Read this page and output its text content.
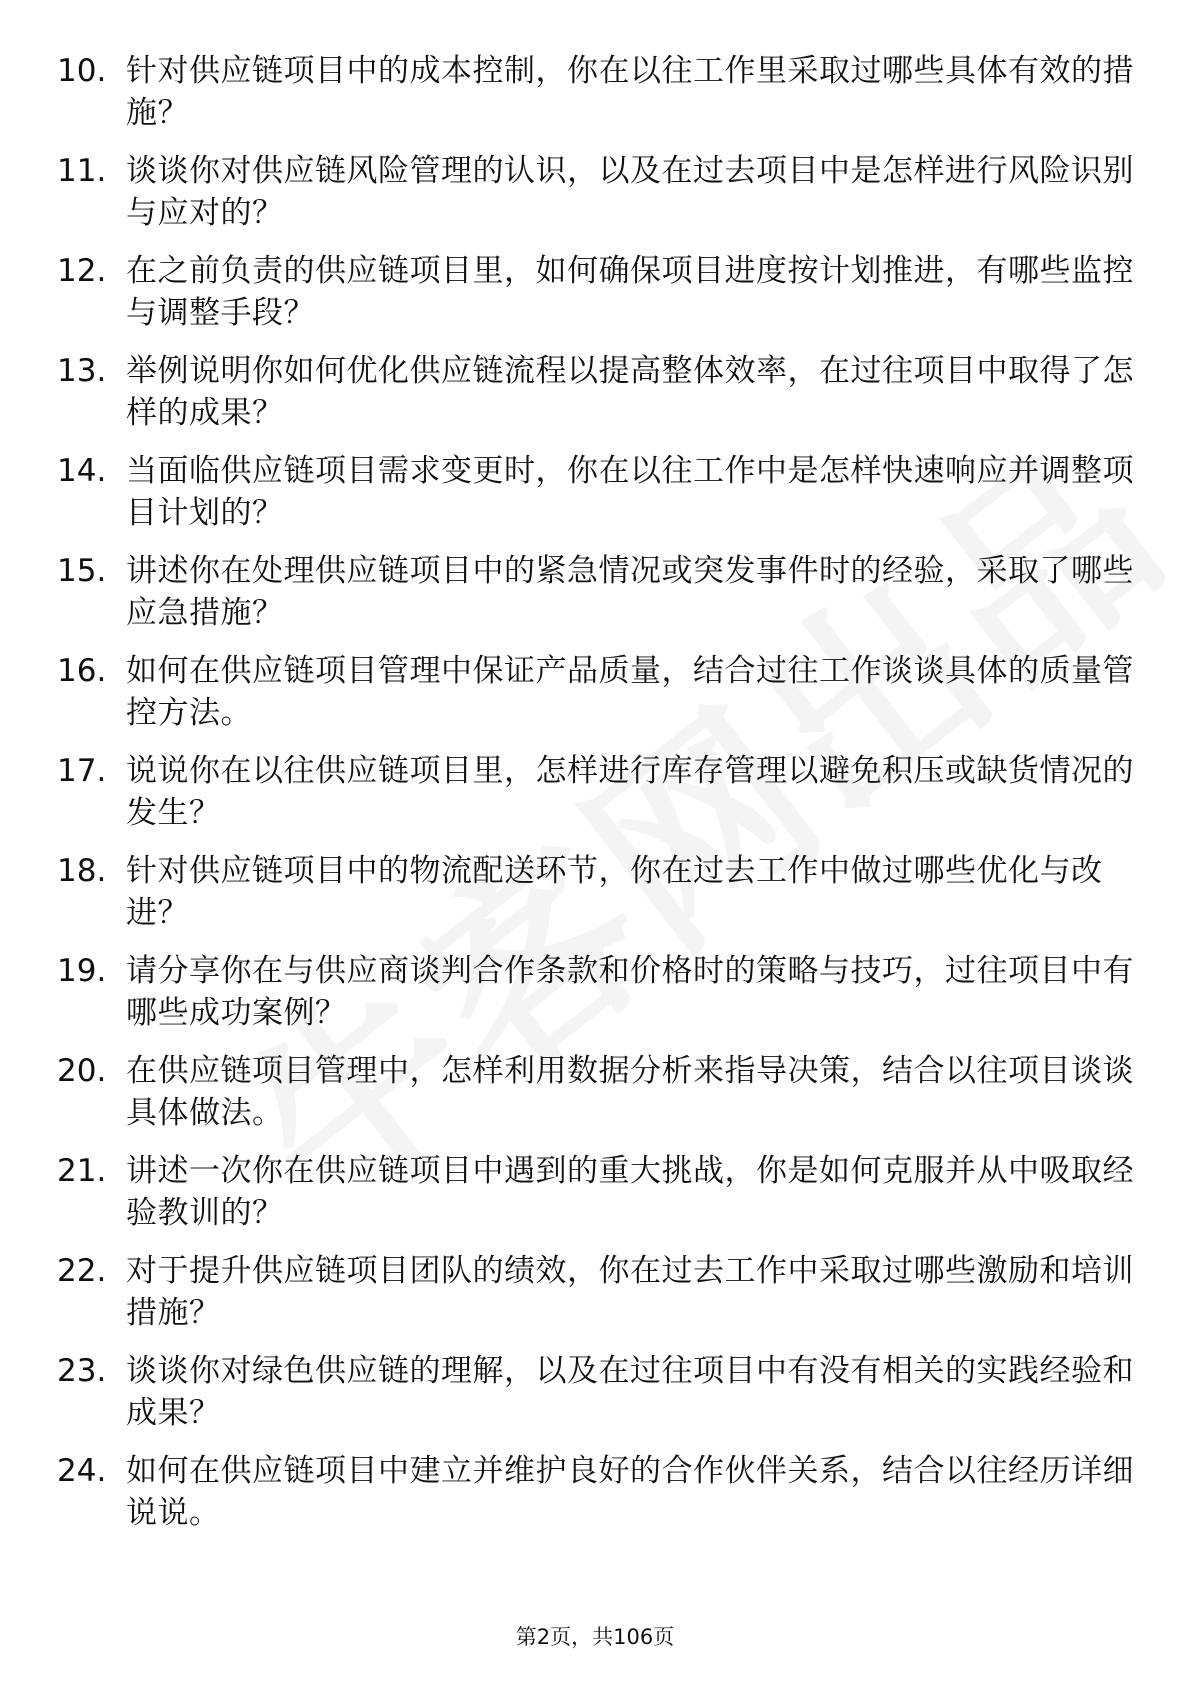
10. 针对供应链项目中的成本控制，你在以往工作里采取过哪些具体有效的措施？
11. 谈谈你对供应链风险管理的认识，以及在过去项目中是怎样进行风险识别与应对的？
12. 在之前负责的供应链项目里，如何确保项目进度按计划推进，有哪些监控与调整手段？
13. 举例说明你如何优化供应链流程以提高整体效率，在过往项目中取得了怎样的成果？
14. 当面临供应链项目需求变更时，你在以往工作中是怎样快速响应并调整项目计划的？
15. 讲述你在处理供应链项目中的紧急情况或突发事件时的经验，采取了哪些应急措施？
16. 如何在供应链项目管理中保证产品质量，结合过往工作谈谈具体的质量管控方法。
17. 说说你在以往供应链项目里，怎样进行库存管理以避免积压或缺货情况的发生？
18. 针对供应链项目中的物流配送环节，你在过去工作中做过哪些优化与改进？
19. 请分享你在与供应商谈判合作条款和价格时的策略与技巧，过往项目中有哪些成功案例？
20. 在供应链项目管理中，怎样利用数据分析来指导决策，结合以往项目谈谈具体做法。
21. 讲述一次你在供应链项目中遇到的重大挑战，你是如何克服并从中吸取经验教训的？
22. 对于提升供应链项目团队的绩效，你在过去工作中采取过哪些激励和培训措施？
23. 谈谈你对绿色供应链的理解，以及在过往项目中有没有相关的实践经验和成果？
24. 如何在供应链项目中建立并维护良好的合作伙伴关系，结合以往经历详细说说。
第2页，共106页
